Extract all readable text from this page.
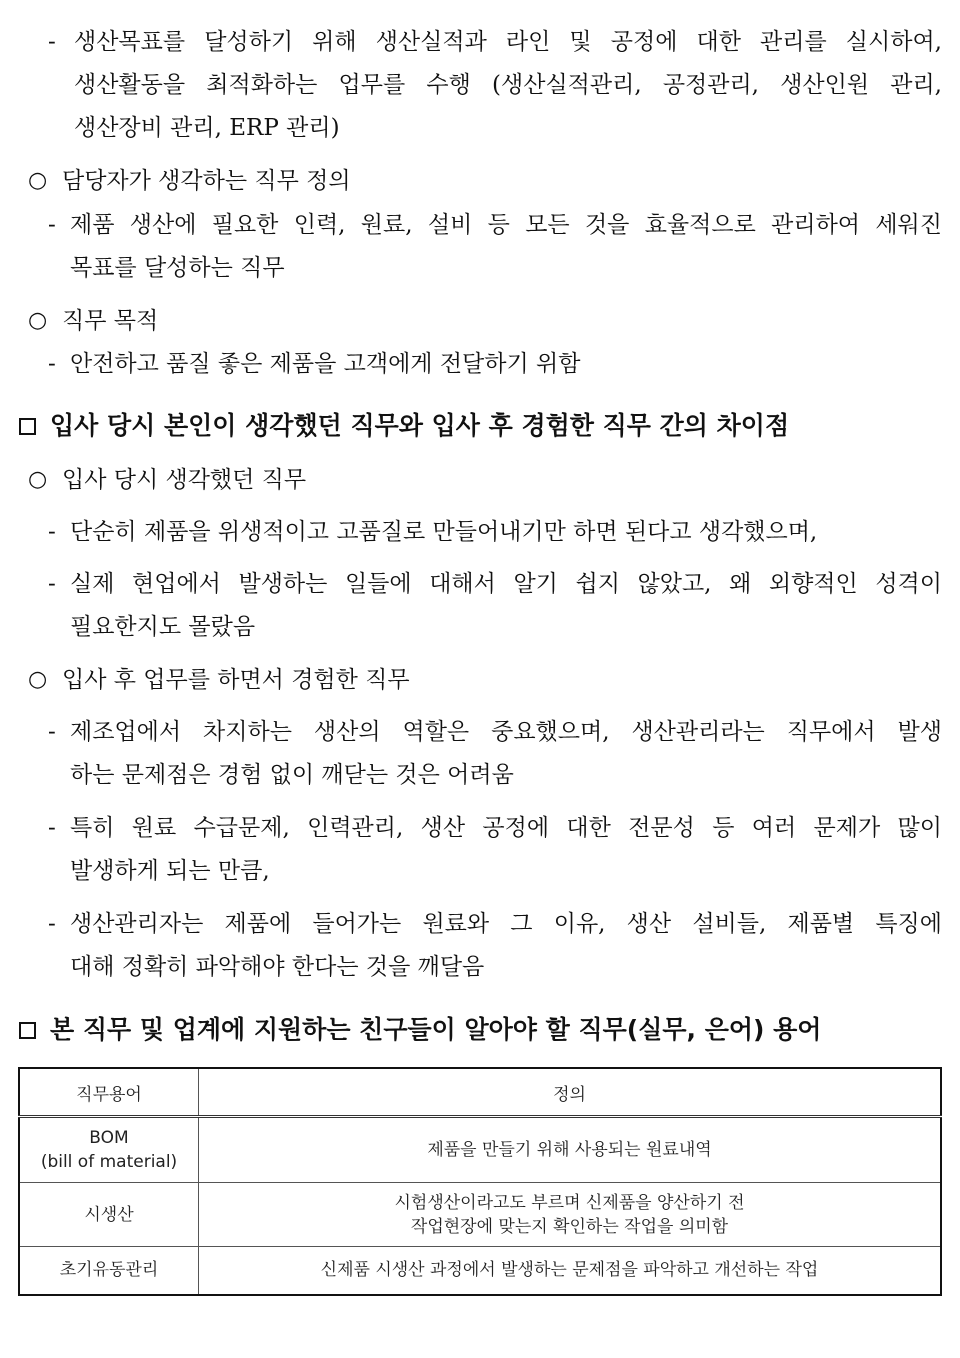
- 생산목표를 달성하기 위해 생산실적과 라인 및 공정에 대한 관리를 실시하여,
생산활동을 최적화하는 업무를 수행 (생산실적관리, 공정관리, 생산인원 관리,
생산장비 관리, ERP 관리)
○ 담당자가 생각하는 직무 정의
- 제품 생산에 필요한 인력, 원료, 설비 등 모든 것을 효율적으로 관리하여 세워진
목표를 달성하는 직무
○ 직무 목적
- 안전하고 품질 좋은 제품을 고객에게 전달하기 위함
입사 당시 본인이 생각했던 직무와 입사 후 경험한 직무 간의 차이점
○ 입사 당시 생각했던 직무
- 단순히 제품을 위생적이고 고품질로 만들어내기만 하면 된다고 생각했으며,
- 실제 현업에서 발생하는 일들에 대해서 알기 쉽지 않았고, 왜 외향적인 성격이
필요한지도 몰랐음
○ 입사 후 업무를 하면서 경험한 직무
- 제조업에서 차지하는 생산의 역할은 중요했으며, 생산관리라는 직무에서 발생
하는 문제점은 경험 없이 깨닫는 것은 어려움
- 특히 원료 수급문제, 인력관리, 생산 공정에 대한 전문성 등 여러 문제가 많이
발생하게 되는 만큼,
- 생산관리자는 제품에 들어가는 원료와 그 이유, 생산 설비들, 제품별 특징에
대해 정확히 파악해야 한다는 것을 깨달음
본 직무 및 업계에 지원하는 친구들이 알아야 할 직무(실무, 은어) 용어
직무용어	정의

BOM
(bill of material)	제품을 만들기 위해 사용되는 원료내역

시생산	시험생산이라고도 부르며 신제품을 양산하기 전
작업현장에 맞는지 확인하는 작업을 의미함

초기유동관리	신제품 시생산 과정에서 발생하는 문제점을 파악하고 개선하는 작업
